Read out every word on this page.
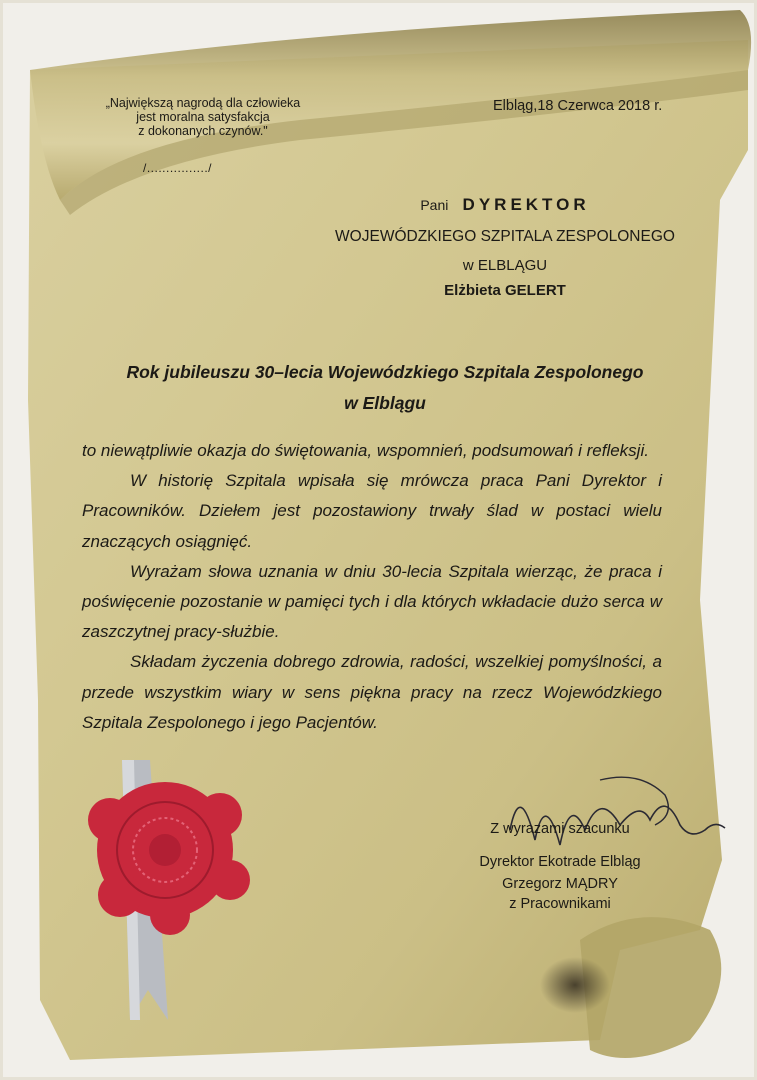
„Największą nagrodą dla człowieka
jest moralna satysfakcja
z dokonanych czynów."
/................/
Elbląg,18 Czerwca 2018 r.
Pani DYREKTOR
WOJEWÓDZKIEGO SZPITALA ZESPOLONEGO
w ELBLĄGU
Elżbieta GELERT
Rok jubileuszu 30–lecia Wojewódzkiego Szpitala Zespolonego
w Elblągu

to niewątpliwie okazja do świętowania, wspomnień, podsumowań i refleksji.

W historię Szpitala wpisała się mrówcza praca Pani Dyrektor i Pracowników. Dziełem jest pozostawiony trwały ślad w postaci wielu znaczących osiągnięć.

Wyrażam słowa uznania w dniu 30-lecia Szpitala wierząc, że praca i poświęcenie pozostanie w pamięci tych i dla których wkładacie dużo serca w zaszczytnej pracy-służbie.

Składam życzenia dobrego zdrowia, radości, wszelkiej pomyślności, a przede wszystkim wiary w sens piękna pracy na rzecz Wojewódzkiego Szpitala Zespolonego i jego Pacjentów.

Z wyrazami szacunku
Dyrektor Ekotrade Elbląg
Grzegorz MĄDRY
z Pracownikami
